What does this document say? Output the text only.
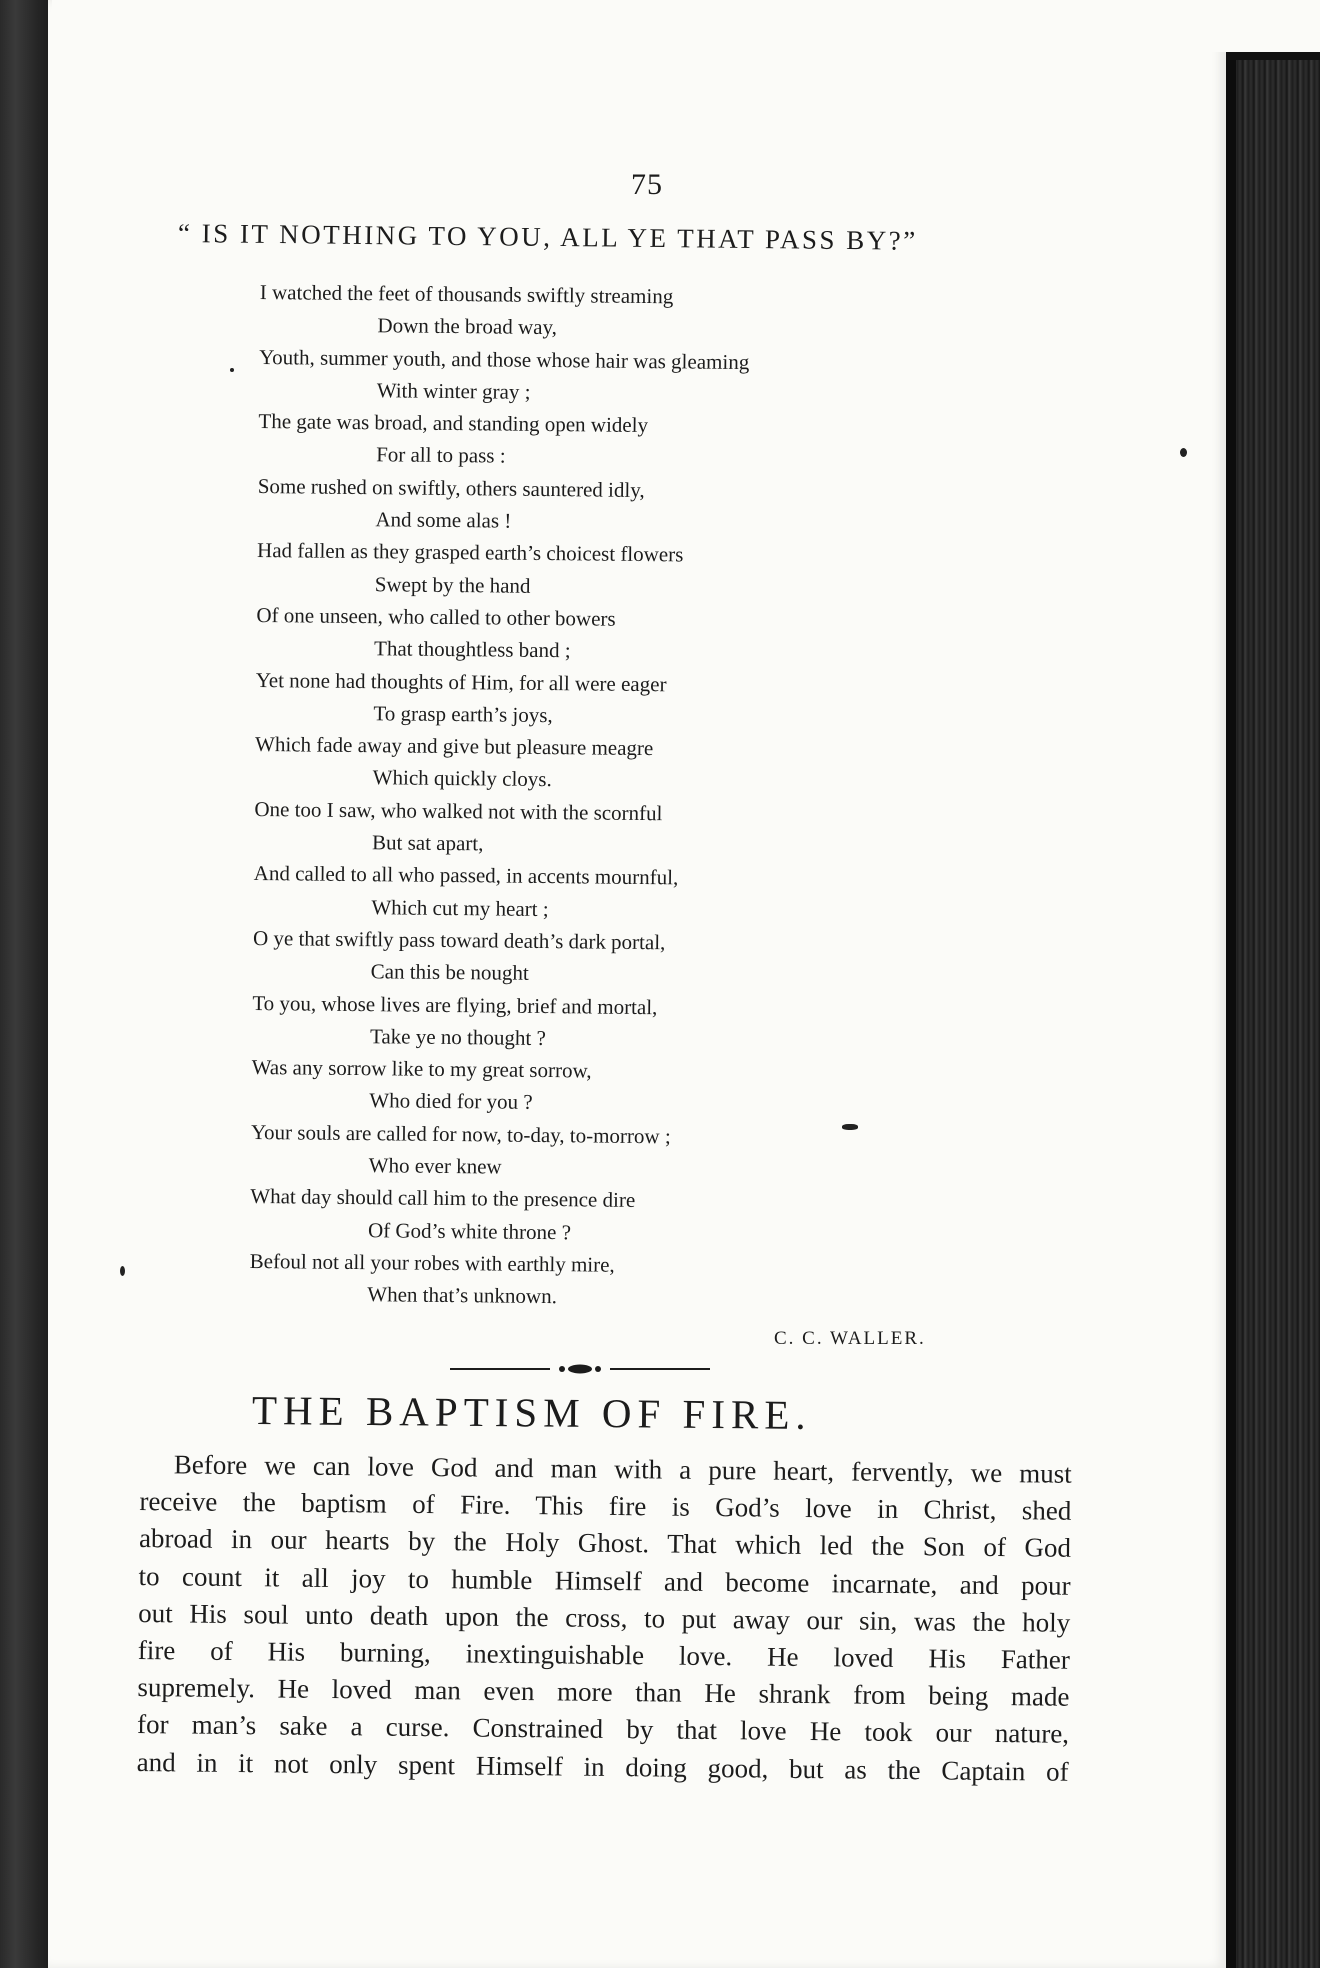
75
“ IS IT NOTHING TO YOU, ALL YE THAT PASS BY?”
I watched the feet of thousands swiftly streaming
Down the broad way,
Youth, summer youth, and those whose hair was gleaming
With winter gray ;
The gate was broad, and standing open widely
For all to pass :
Some rushed on swiftly, others sauntered idly,
And some alas !
Had fallen as they grasped earth’s choicest flowers
Swept by the hand
Of one unseen, who called to other bowers
That thoughtless band ;
Yet none had thoughts of Him, for all were eager
To grasp earth’s joys,
Which fade away and give but pleasure meagre
Which quickly cloys.
One too I saw, who walked not with the scornful
But sat apart,
And called to all who passed, in accents mournful,
Which cut my heart ;
O ye that swiftly pass toward death’s dark portal,
Can this be nought
To you, whose lives are flying, brief and mortal,
Take ye no thought ?
Was any sorrow like to my great sorrow,
Who died for you ?
Your souls are called for now, to-day, to-morrow ;
Who ever knew
What day should call him to the presence dire
Of God’s white throne ?
Befoul not all your robes with earthly mire,
When that’s unknown.
C. C. WALLER.
THE BAPTISM OF FIRE.
Before we can love God and man with a pure heart, fervently, we must
receive the baptism of Fire. This fire is God’s love in Christ, shed
abroad in our hearts by the Holy Ghost. That which led the Son of God
to count it all joy to humble Himself and become incarnate, and pour
out His soul unto death upon the cross, to put away our sin, was the holy
fire of His burning, inextinguishable love. He loved His Father
supremely. He loved man even more than He shrank from being made
for man’s sake a curse. Constrained by that love He took our nature,
and in it not only spent Himself in doing good, but as the Captain of
